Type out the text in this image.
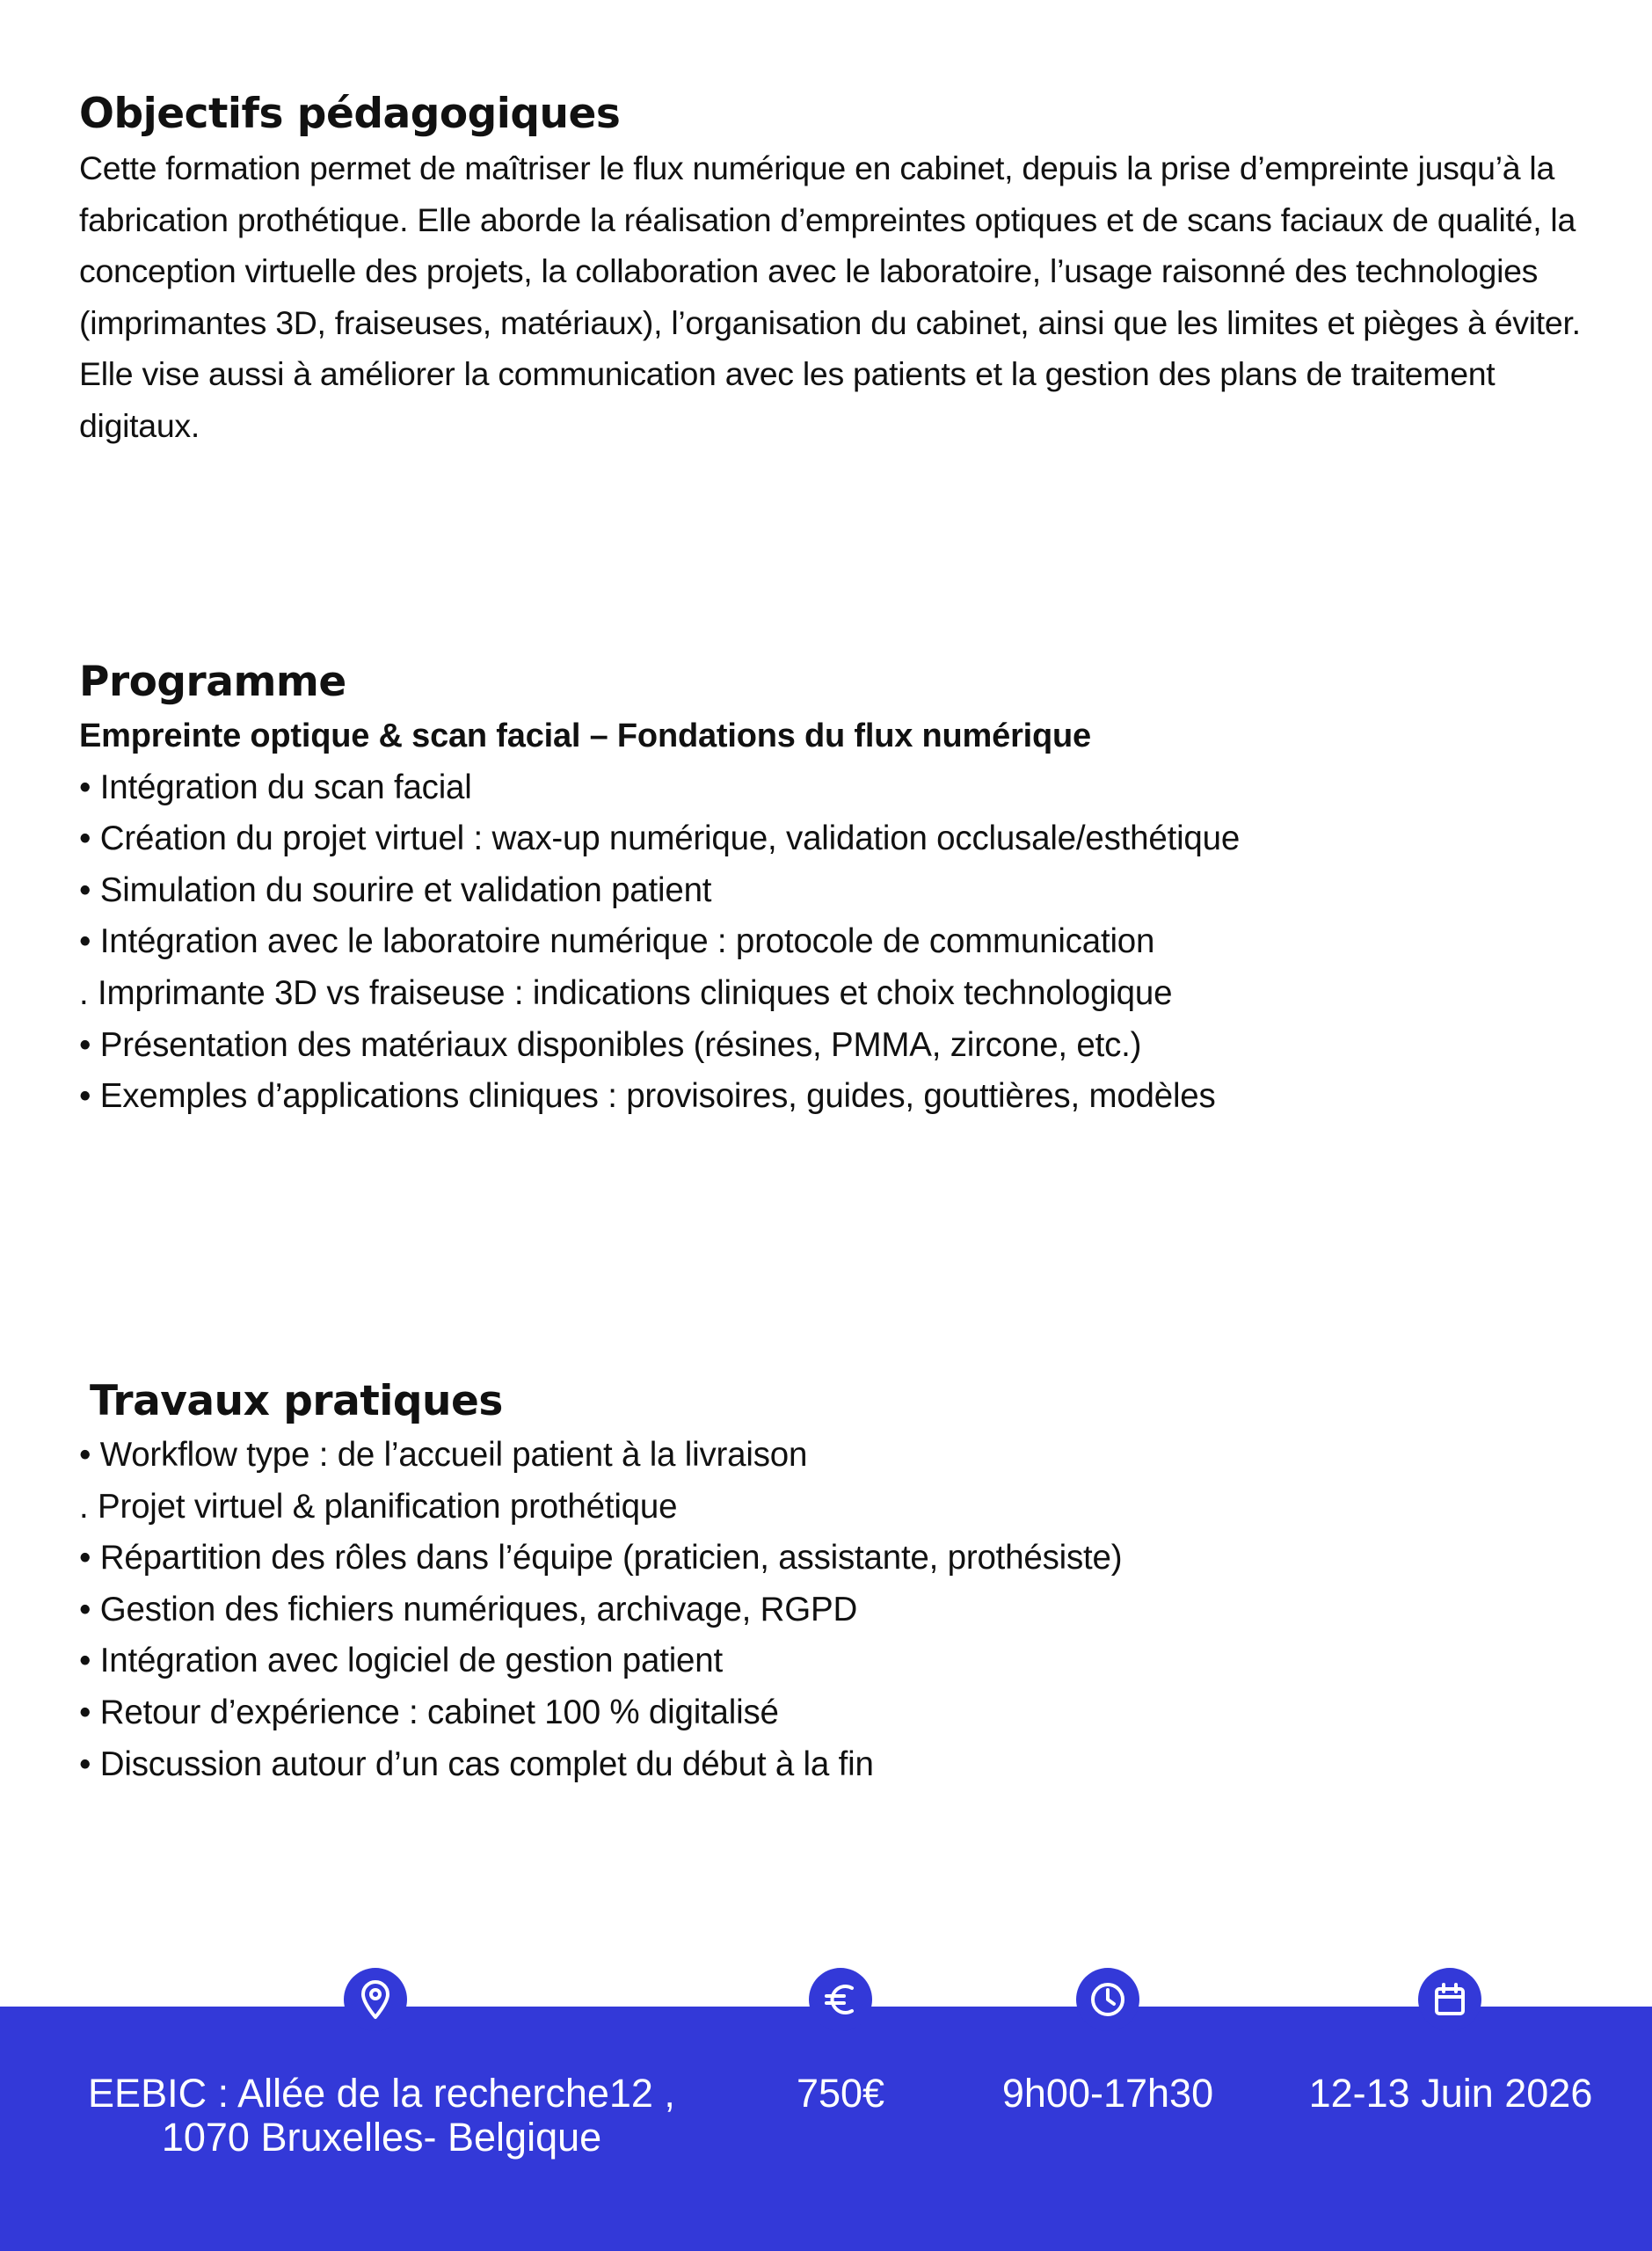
Objectifs pédagogiques

Cette formation permet de maîtriser le flux numérique en cabinet, depuis la prise d’empreinte jusqu’à la fabrication prothétique. Elle aborde la réalisation d’empreintes optiques et de scans faciaux de qualité, la conception virtuelle des projets, la collaboration avec le laboratoire, l’usage raisonné des technologies (imprimantes 3D, fraiseuses, matériaux), l’organisation du cabinet, ainsi que les limites et pièges à éviter. Elle vise aussi à améliorer la communication avec les patients et la gestion des plans de traitement digitaux.

Programme

Empreinte optique & scan facial – Fondations du flux numérique

• Intégration du scan facial
• Création du projet virtuel : wax-up numérique, validation occlusale/esthétique
• Simulation du sourire et validation patient
• Intégration avec le laboratoire numérique : protocole de communication
. Imprimante 3D vs fraiseuse : indications cliniques et choix technologique
• Présentation des matériaux disponibles (résines, PMMA, zircone, etc.)
• Exemples d’applications cliniques : provisoires, guides, gouttières, modèles
Travaux pratiques
• Workflow type : de l’accueil patient à la livraison
. Projet virtuel & planification prothétique
• Répartition des rôles dans l’équipe (praticien, assistante, prothésiste)
• Gestion des fichiers numériques, archivage, RGPD
• Intégration avec logiciel de gestion patient
• Retour d’expérience : cabinet 100 % digitalisé
• Discussion autour d’un cas complet du début à la fin
EEBIC : Allée de la recherche12 ,
1070 Bruxelles- Belgique
750€	9h00-17h30	12-13 Juin 2026
